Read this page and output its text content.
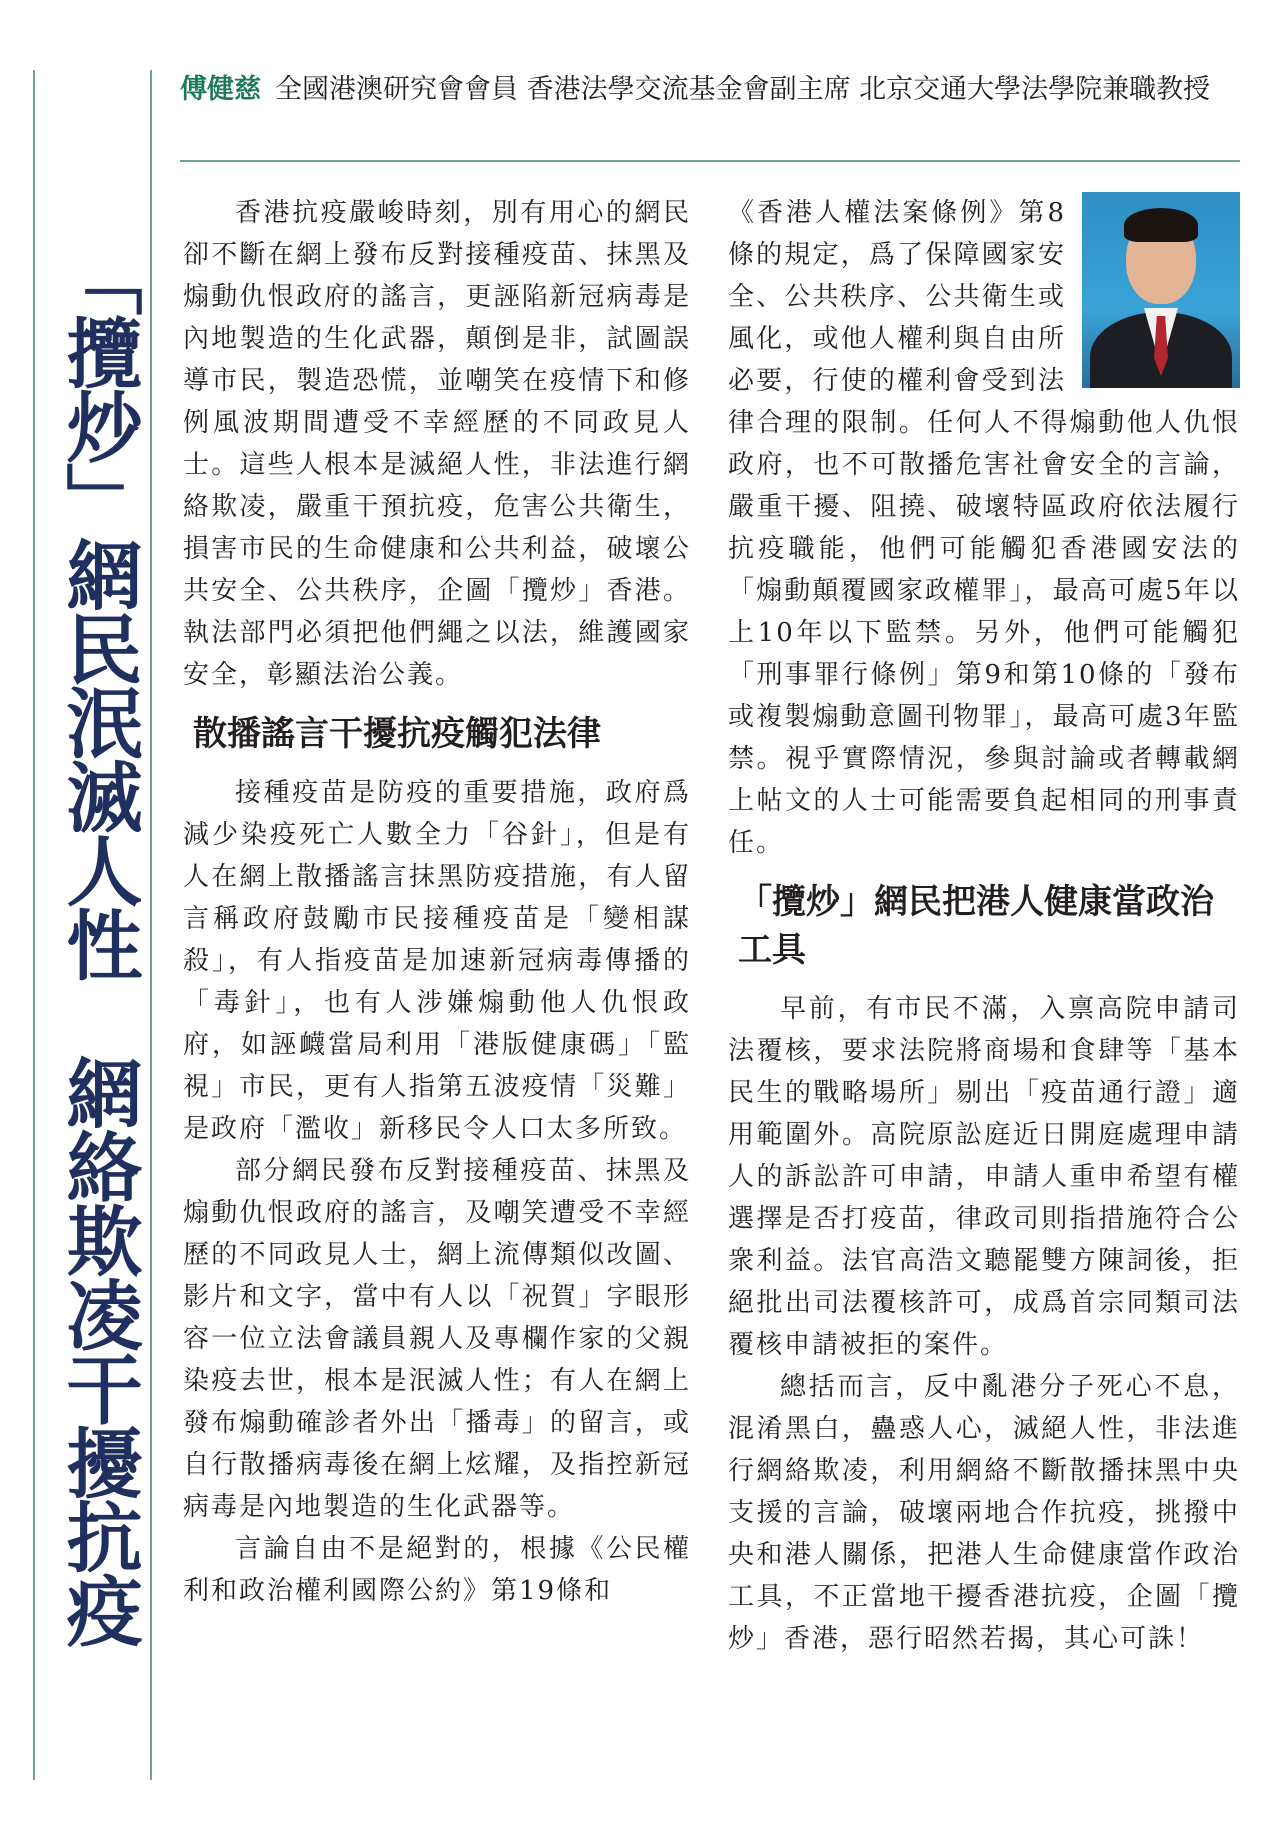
「攬炒」網民泯滅人性　網絡欺凌干擾抗疫
傅健慈 全國港澳研究會會員 香港法學交流基金會副主席 北京交通大學法學院兼職教授

香港抗疫嚴峻時刻，別有用心的網民卻不斷在網上發布反對接種疫苗、抹黑及煽動仇恨政府的謠言，更誣陷新冠病毒是內地製造的生化武器，顛倒是非，試圖誤導市民，製造恐慌，並嘲笑在疫情下和修例風波期間遭受不幸經歷的不同政見人士。這些人根本是滅絕人性，非法進行網絡欺凌，嚴重干預抗疫，危害公共衛生，損害市民的生命健康和公共利益，破壞公共安全、公共秩序，企圖「攬炒」香港。執法部門必須把他們繩之以法，維護國家安全，彰顯法治公義。

散播謠言干擾抗疫觸犯法律

接種疫苗是防疫的重要措施，政府爲減少染疫死亡人數全力「谷針」，但是有人在網上散播謠言抹黑防疫措施，有人留言稱政府鼓勵市民接種疫苗是「變相謀殺」，有人指疫苗是加速新冠病毒傳播的「毒針」，也有人涉嫌煽動他人仇恨政府，如誣衊當局利用「港版健康碼」「監視」市民，更有人指第五波疫情「災難」是政府「濫收」新移民令人口太多所致。

部分網民發布反對接種疫苗、抹黑及煽動仇恨政府的謠言，及嘲笑遭受不幸經歷的不同政見人士，網上流傳類似改圖、影片和文字，當中有人以「祝賀」字眼形容一位立法會議員親人及專欄作家的父親染疫去世，根本是泯滅人性；有人在網上發布煽動確診者外出「播毒」的留言，或自行散播病毒後在網上炫耀，及指控新冠病毒是內地製造的生化武器等。

言論自由不是絕對的，根據《公民權利和政治權利國際公約》第19條和

《香港人權法案條例》第8條的規定，爲了保障國家安全、公共秩序、公共衛生或風化，或他人權利與自由所必要，行使的權利會受到法律合理的限制。任何人不得煽動他人仇恨政府，也不可散播危害社會安全的言論，嚴重干擾、阻撓、破壞特區政府依法履行抗疫職能，他們可能觸犯香港國安法的「煽動顛覆國家政權罪」，最高可處5年以上10年以下監禁。另外，他們可能觸犯「刑事罪行條例」第9和第10條的「發布或複製煽動意圖刊物罪」，最高可處3年監禁。視乎實際情況，參與討論或者轉載網上帖文的人士可能需要負起相同的刑事責任。

「攬炒」網民把港人健康當政治工具

早前，有市民不滿，入禀高院申請司法覆核，要求法院將商場和食肆等「基本民生的戰略場所」剔出「疫苗通行證」適用範圍外。高院原訟庭近日開庭處理申請人的訴訟許可申請，申請人重申希望有權選擇是否打疫苗，律政司則指措施符合公衆利益。法官高浩文聽罷雙方陳詞後，拒絕批出司法覆核許可，成爲首宗同類司法覆核申請被拒的案件。

總括而言，反中亂港分子死心不息，混淆黑白，蠱惑人心，滅絕人性，非法進行網絡欺凌，利用網絡不斷散播抹黑中央支援的言論，破壞兩地合作抗疫，挑撥中央和港人關係，把港人生命健康當作政治工具，不正當地干擾香港抗疫，企圖「攬炒」香港，惡行昭然若揭，其心可誅！
